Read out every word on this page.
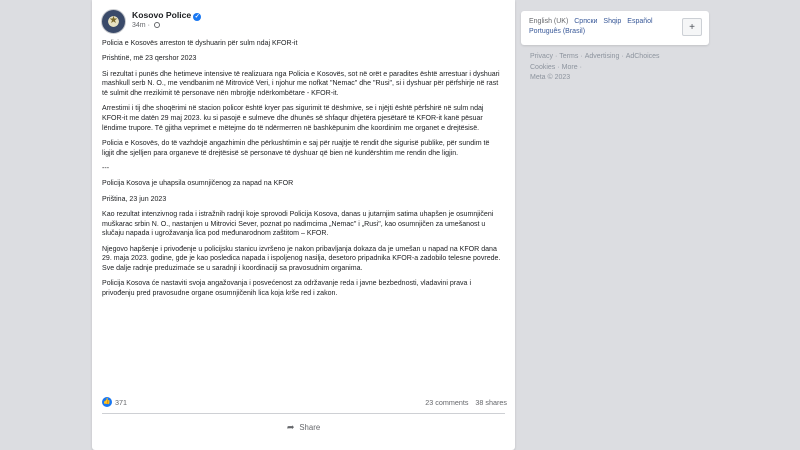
★ Kosovo Police ✓
34m ·

Policia e Kosovës arreston të dyshuarin për sulm ndaj KFOR-it

Prishtinë, më 23 qershor 2023

Si rezultat i punës dhe hetimeve intensive të realizuara nga Policia e Kosovës, sot në orët e paradites është arrestuar i dyshuari mashkull serb N. O., me vendbanim në Mitrovicë Veri, i njohur me nofkat "Nemac" dhe "Rusi", si i dyshuar për përfshirje në rast të sulmit dhe rrezikimit të personave nën mbrojtje ndërkombëtare - KFOR-it.

Arrestimi i tij dhe shoqërimi në stacion policor është kryer pas sigurimit të dëshmive, se i njëjti është përfshirë në sulm ndaj KFOR-it me datën 29 maj 2023. ku si pasojë e sulmeve dhe dhunës së shfaqur dhjetëra pjesëtarë të KFOR-it kanë pësuar lëndime trupore. Të gjitha veprimet e mëtejme do të ndërmerren në bashkëpunim dhe koordinim me organet e drejtësisë.

Policia e Kosovës, do të vazhdojë angazhimin dhe përkushtimin e saj për ruajtje të rendit dhe sigurisë publike, për sundim të ligjit dhe sjelljen para organeve të drejtësisë së personave të dyshuar që bien në kundërshtim me rendin dhe ligjin.

---

Policija Kosova je uhapsila osumnjičenog za napad na KFOR

Priština, 23 jun 2023

Kao rezultat intenzivnog rada i istražnih radnji koje sprovodi Policija Kosova, danas u jutarnjim satima uhapšen je osumnjičeni muškarac srbin N. O., nastanjen u Mitrovici Sever, poznat po nadimcima „Nemac" i „Rusi", kao osumnjičen za umešanost u slučaju napada i ugrožavanja lica pod međunarodnom zaštitom – KFOR.

Njegovo hapšenje i privođenje u policijsku stanicu izvršeno je nakon pribavljanja dokaza da je umešan u napad na KFOR dana 29. maja 2023. godine, gde je kao posledica napada i ispoljenog nasilja, desetoro pripadnika KFOR-a zadobilo telesne povrede. Sve dalje radnje preduzimaće se u saradnji i koordinaciji sa pravosudnim organima.

Policija Kosova će nastaviti svoja angažovanja i posvećenost za održavanje reda i javne bezbednosti, vladavini prava i privođenju pred pravosudne organe osumnjičenih lica koja krše red i zakon.

👍 371	23 comments 38 shares
➦ Share
English (UK) Српски Shqip Español
Português (Brasil)	+
Privacy · Terms · Advertising · AdChoices
Cookies · More ·
Meta © 2023
